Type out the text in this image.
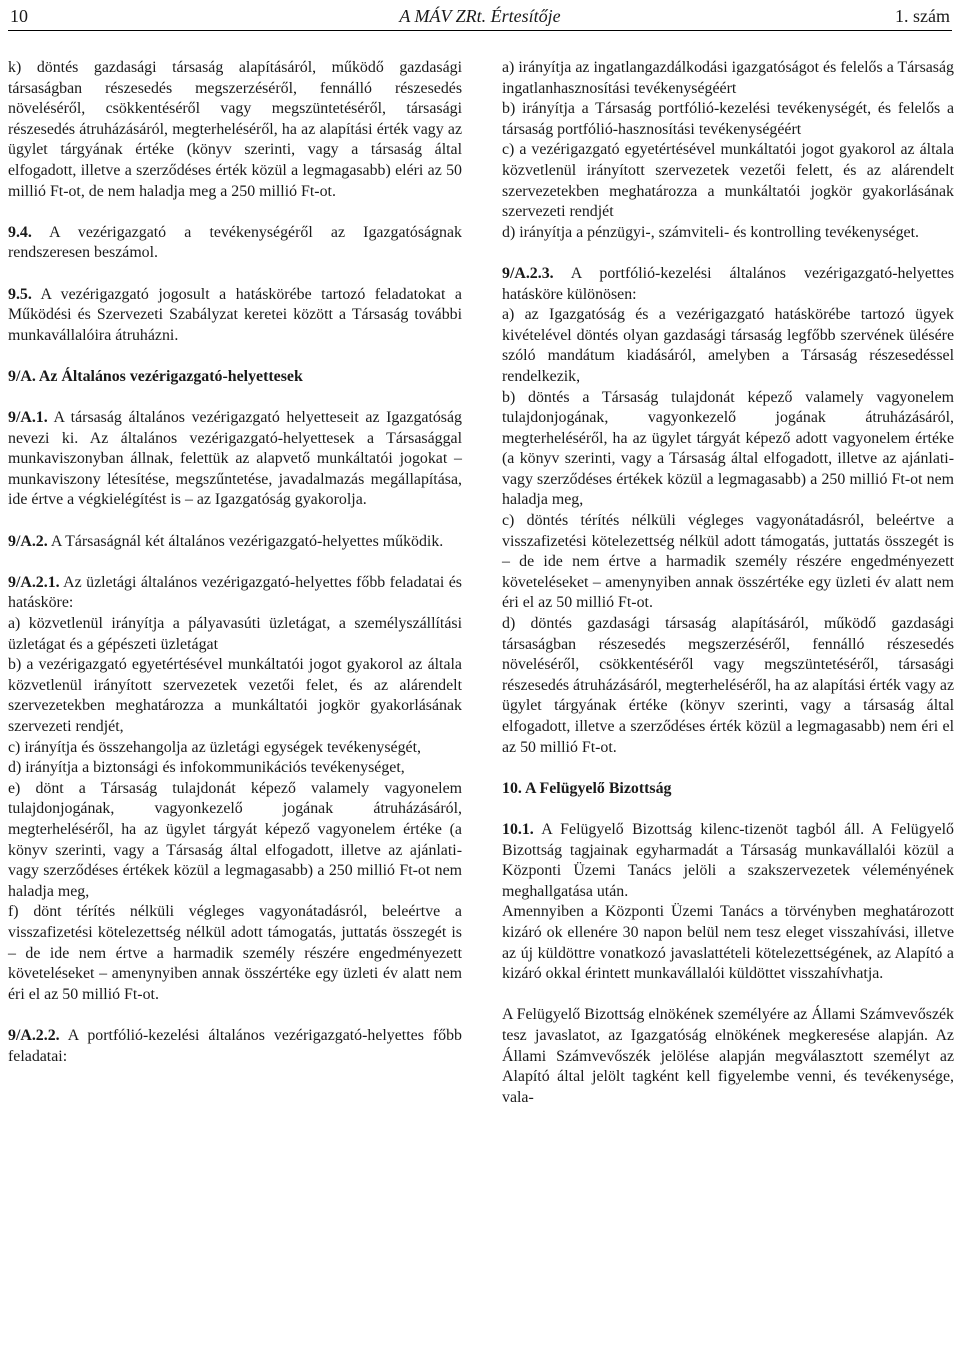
10	A MÁV ZRt. Értesítője	1. szám

k) döntés gazdasági társaság alapításáról, működő gazdasági társaságban részesedés megszerzéséről, fennálló részesedés növeléséről, csökkentéséről vagy megszüntetéséről, társasági részesedés átruházásáról, megterheléséről, ha az alapítási érték vagy az ügylet tárgyának értéke (könyv szerinti, vagy a társaság által elfogadott, illetve a szerződéses érték közül a legmagasabb) eléri az 50 millió Ft-ot, de nem haladja meg a 250 millió Ft-ot.

9.4. A vezérigazgató a tevékenységéről az Igazgatóságnak rendszeresen beszámol.

9.5. A vezérigazgató jogosult a hatáskörébe tartozó feladatokat a Működési és Szervezeti Szabályzat keretei között a Társaság további munkavállalóira átruházni.

9/A. Az Általános vezérigazgató-helyettesek

9/A.1. A társaság általános vezérigazgató helyetteseit az Igazgatóság nevezi ki. Az általános vezérigazgató-helyettesek a Társasággal munkaviszonyban állnak, felettük az alapvető munkáltatói jogokat – munkaviszony létesítése, megszűntetése, javadalmazás megállapítása, ide értve a végkielégítést is – az Igazgatóság gyakorolja.

9/A.2. A Társaságnál két általános vezérigazgató-helyettes működik.

9/A.2.1. Az üzletági általános vezérigazgató-helyettes főbb feladatai és hatásköre:

a) közvetlenül irányítja a pályavasúti üzletágat, a személyszállítási üzletágat és a gépészeti üzletágat

b) a vezérigazgató egyetértésével munkáltatói jogot gyakorol az általa közvetlenül irányított szervezetek vezetői felet, és az alárendelt szervezetekben meghatározza a munkáltatói jogkör gyakorlásának szervezeti rendjét,

c) irányítja és összehangolja az üzletági egységek tevékenységét,

d) irányítja a biztonsági és infokommunikációs tevékenységet,

e) dönt a Társaság tulajdonát képező valamely vagyonelem tulajdonjogának, vagyonkezelő jogának átruházásáról, megterheléséről, ha az ügylet tárgyát képező vagyonelem értéke (a könyv szerinti, vagy a Társaság által elfogadott, illetve az ajánlati- vagy szerződéses értékek közül a legmagasabb) a 250 millió Ft-ot nem haladja meg,

f) dönt térítés nélküli végleges vagyonátadásról, beleértve a visszafizetési kötelezettség nélkül adott támogatás, juttatás összegét is – de ide nem értve a harmadik személy részére engedményezett követeléseket – amenynyiben annak összértéke egy üzleti év alatt nem éri el az 50 millió Ft-ot.

9/A.2.2. A portfólió-kezelési általános vezérigazgató-helyettes főbb feladatai:

a) irányítja az ingatlangazdálkodási igazgatóságot és felelős a Társaság ingatlanhasznosítási tevékenységéért

b) irányítja a Társaság portfólió-kezelési tevékenységét, és felelős a társaság portfólió-hasznosítási tevékenységéért

c) a vezérigazgató egyetértésével munkáltatói jogot gyakorol az általa közvetlenül irányított szervezetek vezetői felett, és az alárendelt szervezetekben meghatározza a munkáltatói jogkör gyakorlásának szervezeti rendjét

d) irányítja a pénzügyi-, számviteli- és kontrolling tevékenységet.

9/A.2.3. A portfólió-kezelési általános vezérigazgató-helyettes hatásköre különösen:

a) az Igazgatóság és a vezérigazgató hatáskörébe tartozó ügyek kivételével döntés olyan gazdasági társaság legfőbb szervének ülésére szóló mandátum kiadásáról, amelyben a Társaság részesedéssel rendelkezik,

b) döntés a Társaság tulajdonát képező valamely vagyonelem tulajdonjogának, vagyonkezelő jogának átruházásáról, megterheléséről, ha az ügylet tárgyát képező adott vagyonelem értéke (a könyv szerinti, vagy a Társaság által elfogadott, illetve az ajánlati- vagy szerződéses értékek közül a legmagasabb) a 250 millió Ft-ot nem haladja meg,

c) döntés térítés nélküli végleges vagyonátadásról, beleértve a visszafizetési kötelezettség nélkül adott támogatás, juttatás összegét is – de ide nem értve a harmadik személy részére engedményezett követeléseket – amenynyiben annak összértéke egy üzleti év alatt nem éri el az 50 millió Ft-ot.

d) döntés gazdasági társaság alapításáról, működő gazdasági társaságban részesedés megszerzéséről, fennálló részesedés növeléséről, csökkentéséről vagy megszüntetéséről, társasági részesedés átruházásáról, megterheléséről, ha az alapítási érték vagy az ügylet tárgyának értéke (könyv szerinti, vagy a társaság által elfogadott, illetve a szerződéses érték közül a legmagasabb) nem éri el az 50 millió Ft-ot.

10. A Felügyelő Bizottság

10.1. A Felügyelő Bizottság kilenc-tizenöt tagból áll. A Felügyelő Bizottság tagjainak egyharmadát a Társaság munkavállalói közül a Központi Üzemi Tanács jelöli a szakszervezetek véleményének meghallgatása után.

Amennyiben a Központi Üzemi Tanács a törvényben meghatározott kizáró ok ellenére 30 napon belül nem tesz eleget visszahívási, illetve az új küldöttre vonatkozó javaslattételi kötelezettségének, az Alapító a kizáró okkal érintett munkavállalói küldöttet visszahívhatja.

A Felügyelő Bizottság elnökének személyére az Állami Számvevőszék tesz javaslatot, az Igazgatóság elnökének megkeresése alapján. Az Állami Számvevőszék jelölése alapján megválasztott személyt az Alapító által jelölt tagként kell figyelembe venni, és tevékenysége, vala-
